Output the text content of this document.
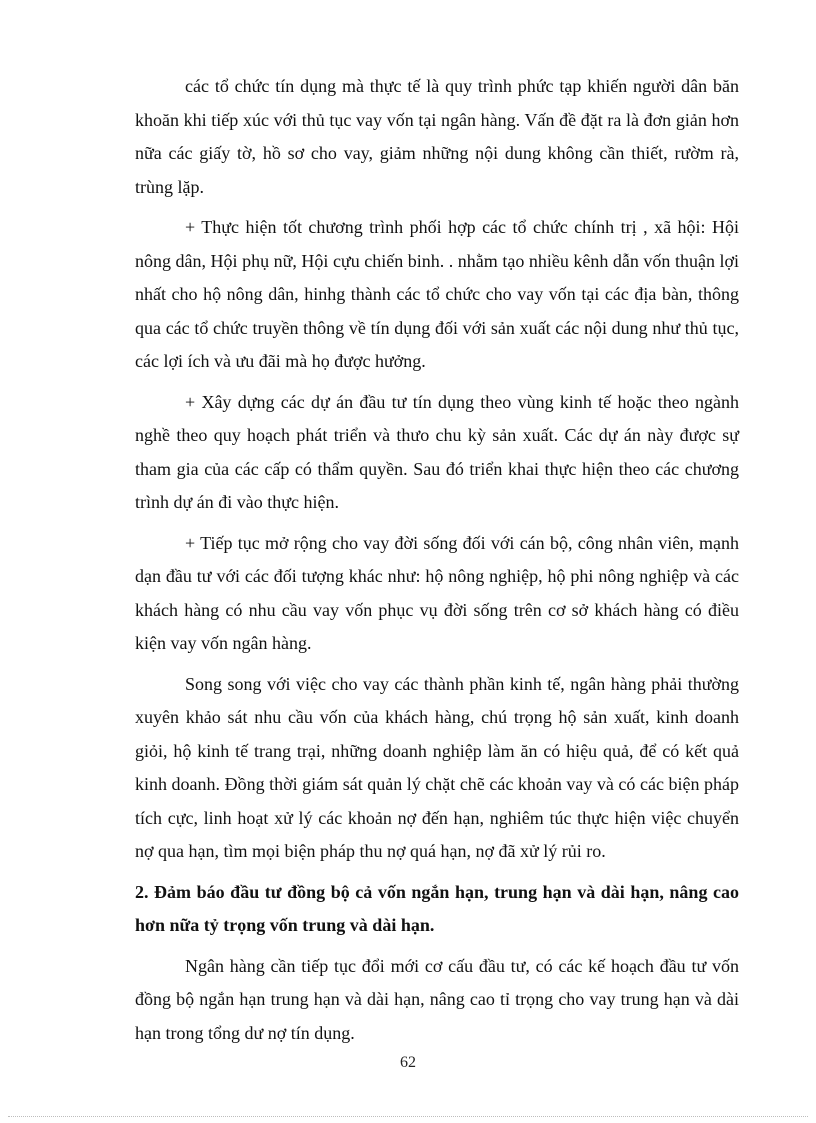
các tổ chức tín dụng mà thực tế là quy trình phức tạp khiến người dân băn khoăn khi tiếp xúc với thủ tục vay vốn tại ngân hàng. Vấn đề đặt ra là đơn giản hơn nữa các giấy tờ, hồ sơ cho vay, giảm những nội dung không cần thiết, rườm rà, trùng lặp.

+ Thực hiện tốt chương trình phối hợp các tổ chức chính trị , xã hội: Hội nông dân, Hội phụ nữ, Hội cựu chiến binh. . nhằm tạo nhiều kênh dẫn vốn thuận lợi nhất cho hộ nông dân, hinhg thành các tổ chức cho vay vốn tại các địa bàn, thông qua các tổ chức truyền thông về tín dụng đối với sản xuất các nội dung như thủ tục, các lợi ích và ưu đãi mà họ được hưởng.

+ Xây dựng các dự án đầu tư tín dụng theo vùng kinh tế hoặc theo ngành nghề theo quy hoạch phát triển và thưo chu kỳ sản xuất. Các dự án này được sự tham gia của các cấp có thẩm quyền. Sau đó triển khai thực hiện theo các chương trình dự án đi vào thực hiện.

+ Tiếp tục mở rộng cho vay đời sống đối với cán bộ, công nhân viên, mạnh dạn đầu tư với các đối tượng khác như: hộ nông nghiệp, hộ phi nông nghiệp và các khách hàng có nhu cầu vay vốn phục vụ đời sống trên cơ sở khách hàng có điều kiện vay vốn ngân hàng.

Song song với việc cho vay các thành phần kinh tế, ngân hàng phải thường xuyên khảo sát nhu cầu vốn của khách hàng, chú trọng hộ sản xuất, kinh doanh giỏi, hộ kinh tế trang trại, những doanh nghiệp làm ăn có hiệu quả, để có kết quả kinh doanh. Đồng thời giám sát quản lý chặt chẽ các khoản vay và có các biện pháp tích cực, linh hoạt xử lý các khoản nợ đến hạn, nghiêm túc thực hiện việc chuyển nợ qua hạn, tìm mọi biện pháp thu nợ quá hạn, nợ đã xử lý rủi ro.

2. Đảm báo đầu tư đồng bộ cả vốn ngắn hạn, trung hạn và dài hạn, nâng cao hơn nữa tỷ trọng vốn trung và dài hạn.

Ngân hàng cần tiếp tục đổi mới cơ cấu đầu tư, có các kế hoạch đầu tư vốn đồng bộ ngắn hạn trung hạn và dài hạn, nâng cao tỉ trọng cho vay trung hạn và dài hạn trong tổng dư nợ tín dụng.

62
